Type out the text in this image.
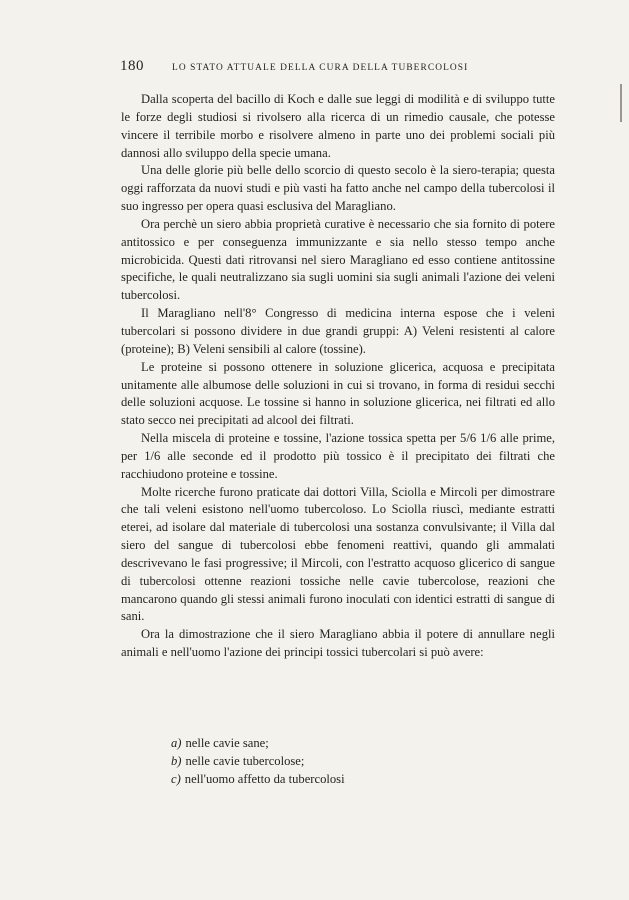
180	LO STATO ATTUALE DELLA CURA DELLA TUBERCOLOSI

Dalla scoperta del bacillo di Koch e dalle sue leggi di modilità e di sviluppo tutte le forze degli studiosi si rivolsero alla ricerca di un rimedio causale, che potesse vincere il terribile morbo e risolvere almeno in parte uno dei problemi sociali più dannosi allo sviluppo della specie umana.

Una delle glorie più belle dello scorcio di questo secolo è la siero-terapia; questa oggi rafforzata da nuovi studi e più vasti ha fatto anche nel campo della tubercolosi il suo ingresso per opera quasi esclusiva del Maragliano.

Ora perchè un siero abbia proprietà curative è necessario che sia fornito di potere antitossico e per conseguenza immunizzante e sia nello stesso tempo anche microbicida. Questi dati ritrovansi nel siero Maragliano ed esso contiene antitossine specifiche, le quali neutralizzano sia sugli uomini sia sugli animali l'azione dei veleni tubercolosi.

Il Maragliano nell'8° Congresso di medicina interna espose che i veleni tubercolari si possono dividere in due grandi gruppi: A) Veleni resistenti al calore (proteine); B) Veleni sensibili al calore (tossine).

Le proteine si possono ottenere in soluzione glicerica, acquosa e precipitata unitamente alle albumose delle soluzioni in cui si trovano, in forma di residui secchi delle soluzioni acquose. Le tossine si hanno in soluzione glicerica, nei filtrati ed allo stato secco nei precipitati ad alcool dei filtrati.

Nella miscela di proteine e tossine, l'azione tossica spetta per 5/6 1/6 alle prime, per 1/6 alle seconde ed il prodotto più tossico è il precipitato dei filtrati che racchiudono proteine e tossine.

Molte ricerche furono praticate dai dottori Villa, Sciolla e Mircoli per dimostrare che tali veleni esistono nell'uomo tubercoloso. Lo Sciolla riuscì, mediante estratti eterei, ad isolare dal materiale di tubercolosi una sostanza convulsivante; il Villa dal siero del sangue di tubercolosi ebbe fenomeni reattivi, quando gli ammalati descrivevano le fasi progressive; il Mircoli, con l'estratto acquoso glicerico di sangue di tubercolosi ottenne reazioni tossiche nelle cavie tubercolose, reazioni che mancarono quando gli stessi animali furono inoculati con identici estratti di sangue di sani.

Ora la dimostrazione che il siero Maragliano abbia il potere di annullare negli animali e nell'uomo l'azione dei principi tossici tubercolari si può avere:

a) nelle cavie sane;
b) nelle cavie tubercolose;
c) nell'uomo affetto da tubercolosi
